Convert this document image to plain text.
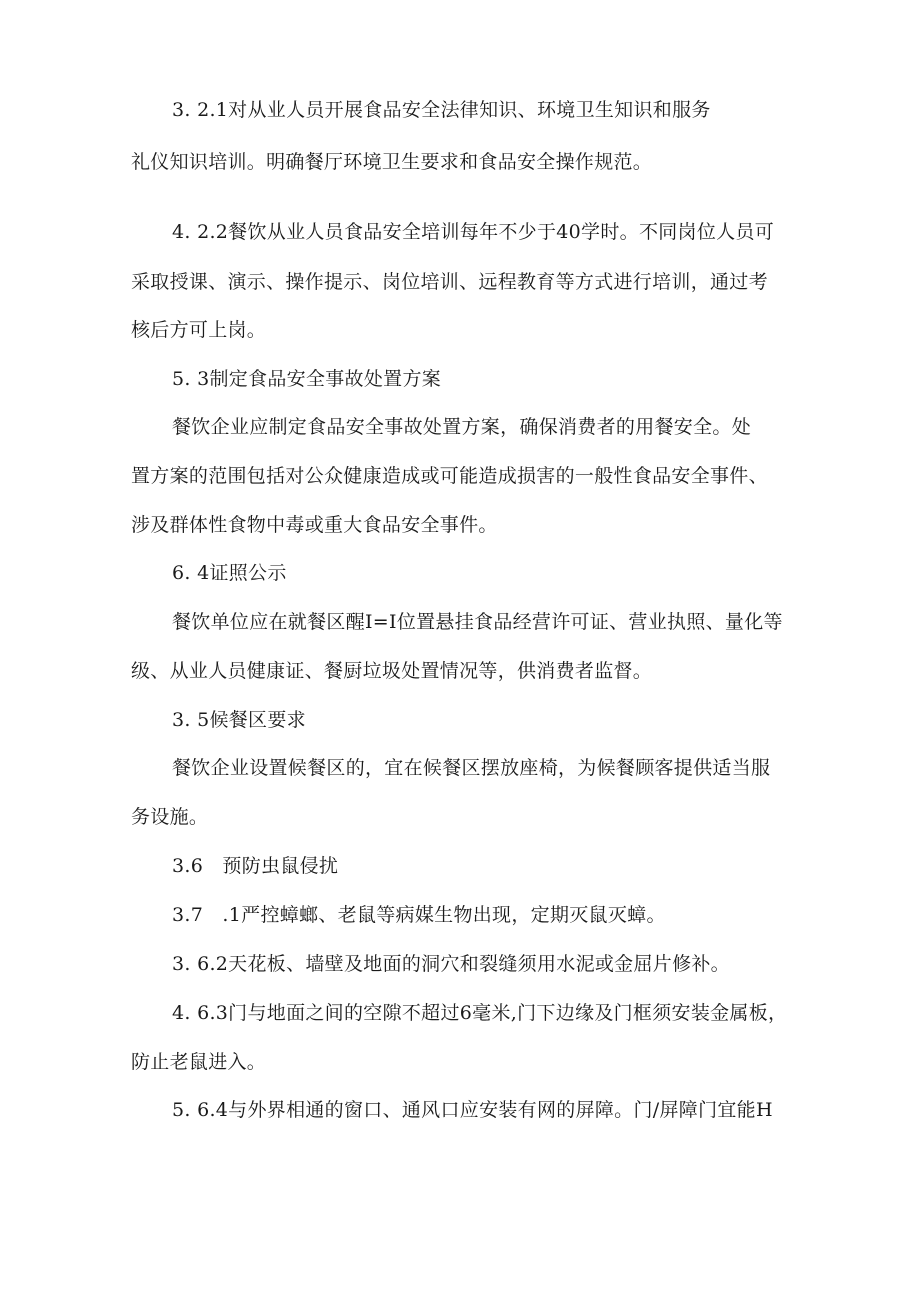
3. 2.1对从业人员开展食品安全法律知识、环境卫生知识和服务
礼仪知识培训。明确餐厅环境卫生要求和食品安全操作规范。
4. 2.2餐饮从业人员食品安全培训每年不少于40学时。不同岗位人员可
采取授课、演示、操作提示、岗位培训、远程教育等方式进行培训，通过考
核后方可上岗。
5. 3制定食品安全事故处置方案
餐饮企业应制定食品安全事故处置方案，确保消费者的用餐安全。处
置方案的范围包括对公众健康造成或可能造成损害的一般性食品安全事件、
涉及群体性食物中毒或重大食品安全事件。
6. 4证照公示
餐饮单位应在就餐区醒I=I位置悬挂食品经营许可证、营业执照、量化等
级、从业人员健康证、餐厨垃圾处置情况等，供消费者监督。
3. 5候餐区要求
餐饮企业设置候餐区的，宜在候餐区摆放座椅，为候餐顾客提供适当服
务设施。
3.6　预防虫鼠侵扰
3.7　.1严控蟑螂、老鼠等病媒生物出现，定期灭鼠灭蟑。
3. 6.2天花板、墙壁及地面的洞穴和裂缝须用水泥或金屈片修补。
4. 6.3门与地面之间的空隙不超过6毫米,门下边缘及门框须安装金属板，
防止老鼠进入。
5. 6.4与外界相通的窗口、通风口应安装有网的屏障。门/屏障门宜能H
